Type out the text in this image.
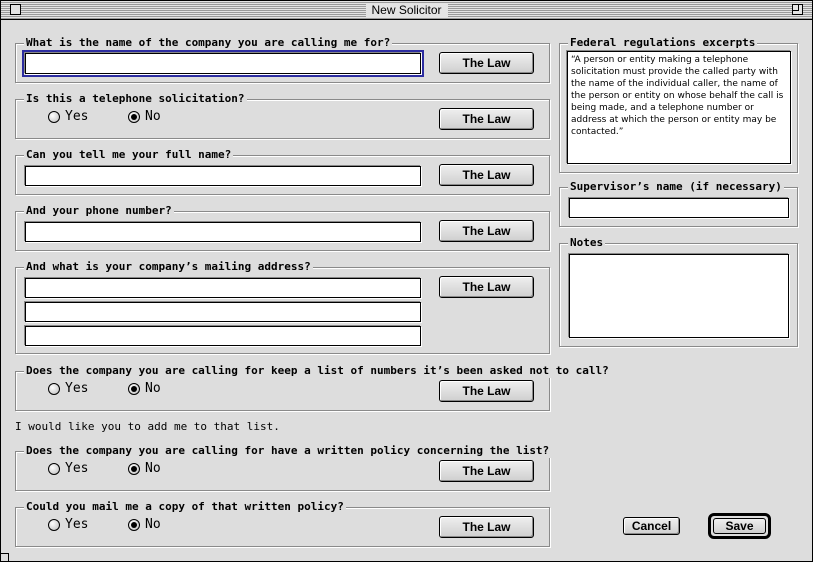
New Solicitor
What is the name of the company you are calling me for?
The Law
Is this a telephone solicitation?
Yes	No	The Law
Can you tell me your full name?
The Law
And your phone number?
The Law
And what is your company’s mailing address?
The Law
Does the company you are calling for keep a list of numbers it’s been asked not to call?
Yes	No	The Law
I would like you to add me to that list.
Does the company you are calling for have a written policy concerning the list?
Yes	No	The Law
Could you mail me a copy of that written policy?
Yes	No	The Law
Federal regulations excerpts
“A person or entity making a telephone solicitation must provide the called party with the name of the individual caller, the name of the person or entity on whose behalf the call is being made, and a telephone number or address at which the person or entity may be contacted.”
Supervisor’s name (if necessary)
Notes
Cancel	Save
